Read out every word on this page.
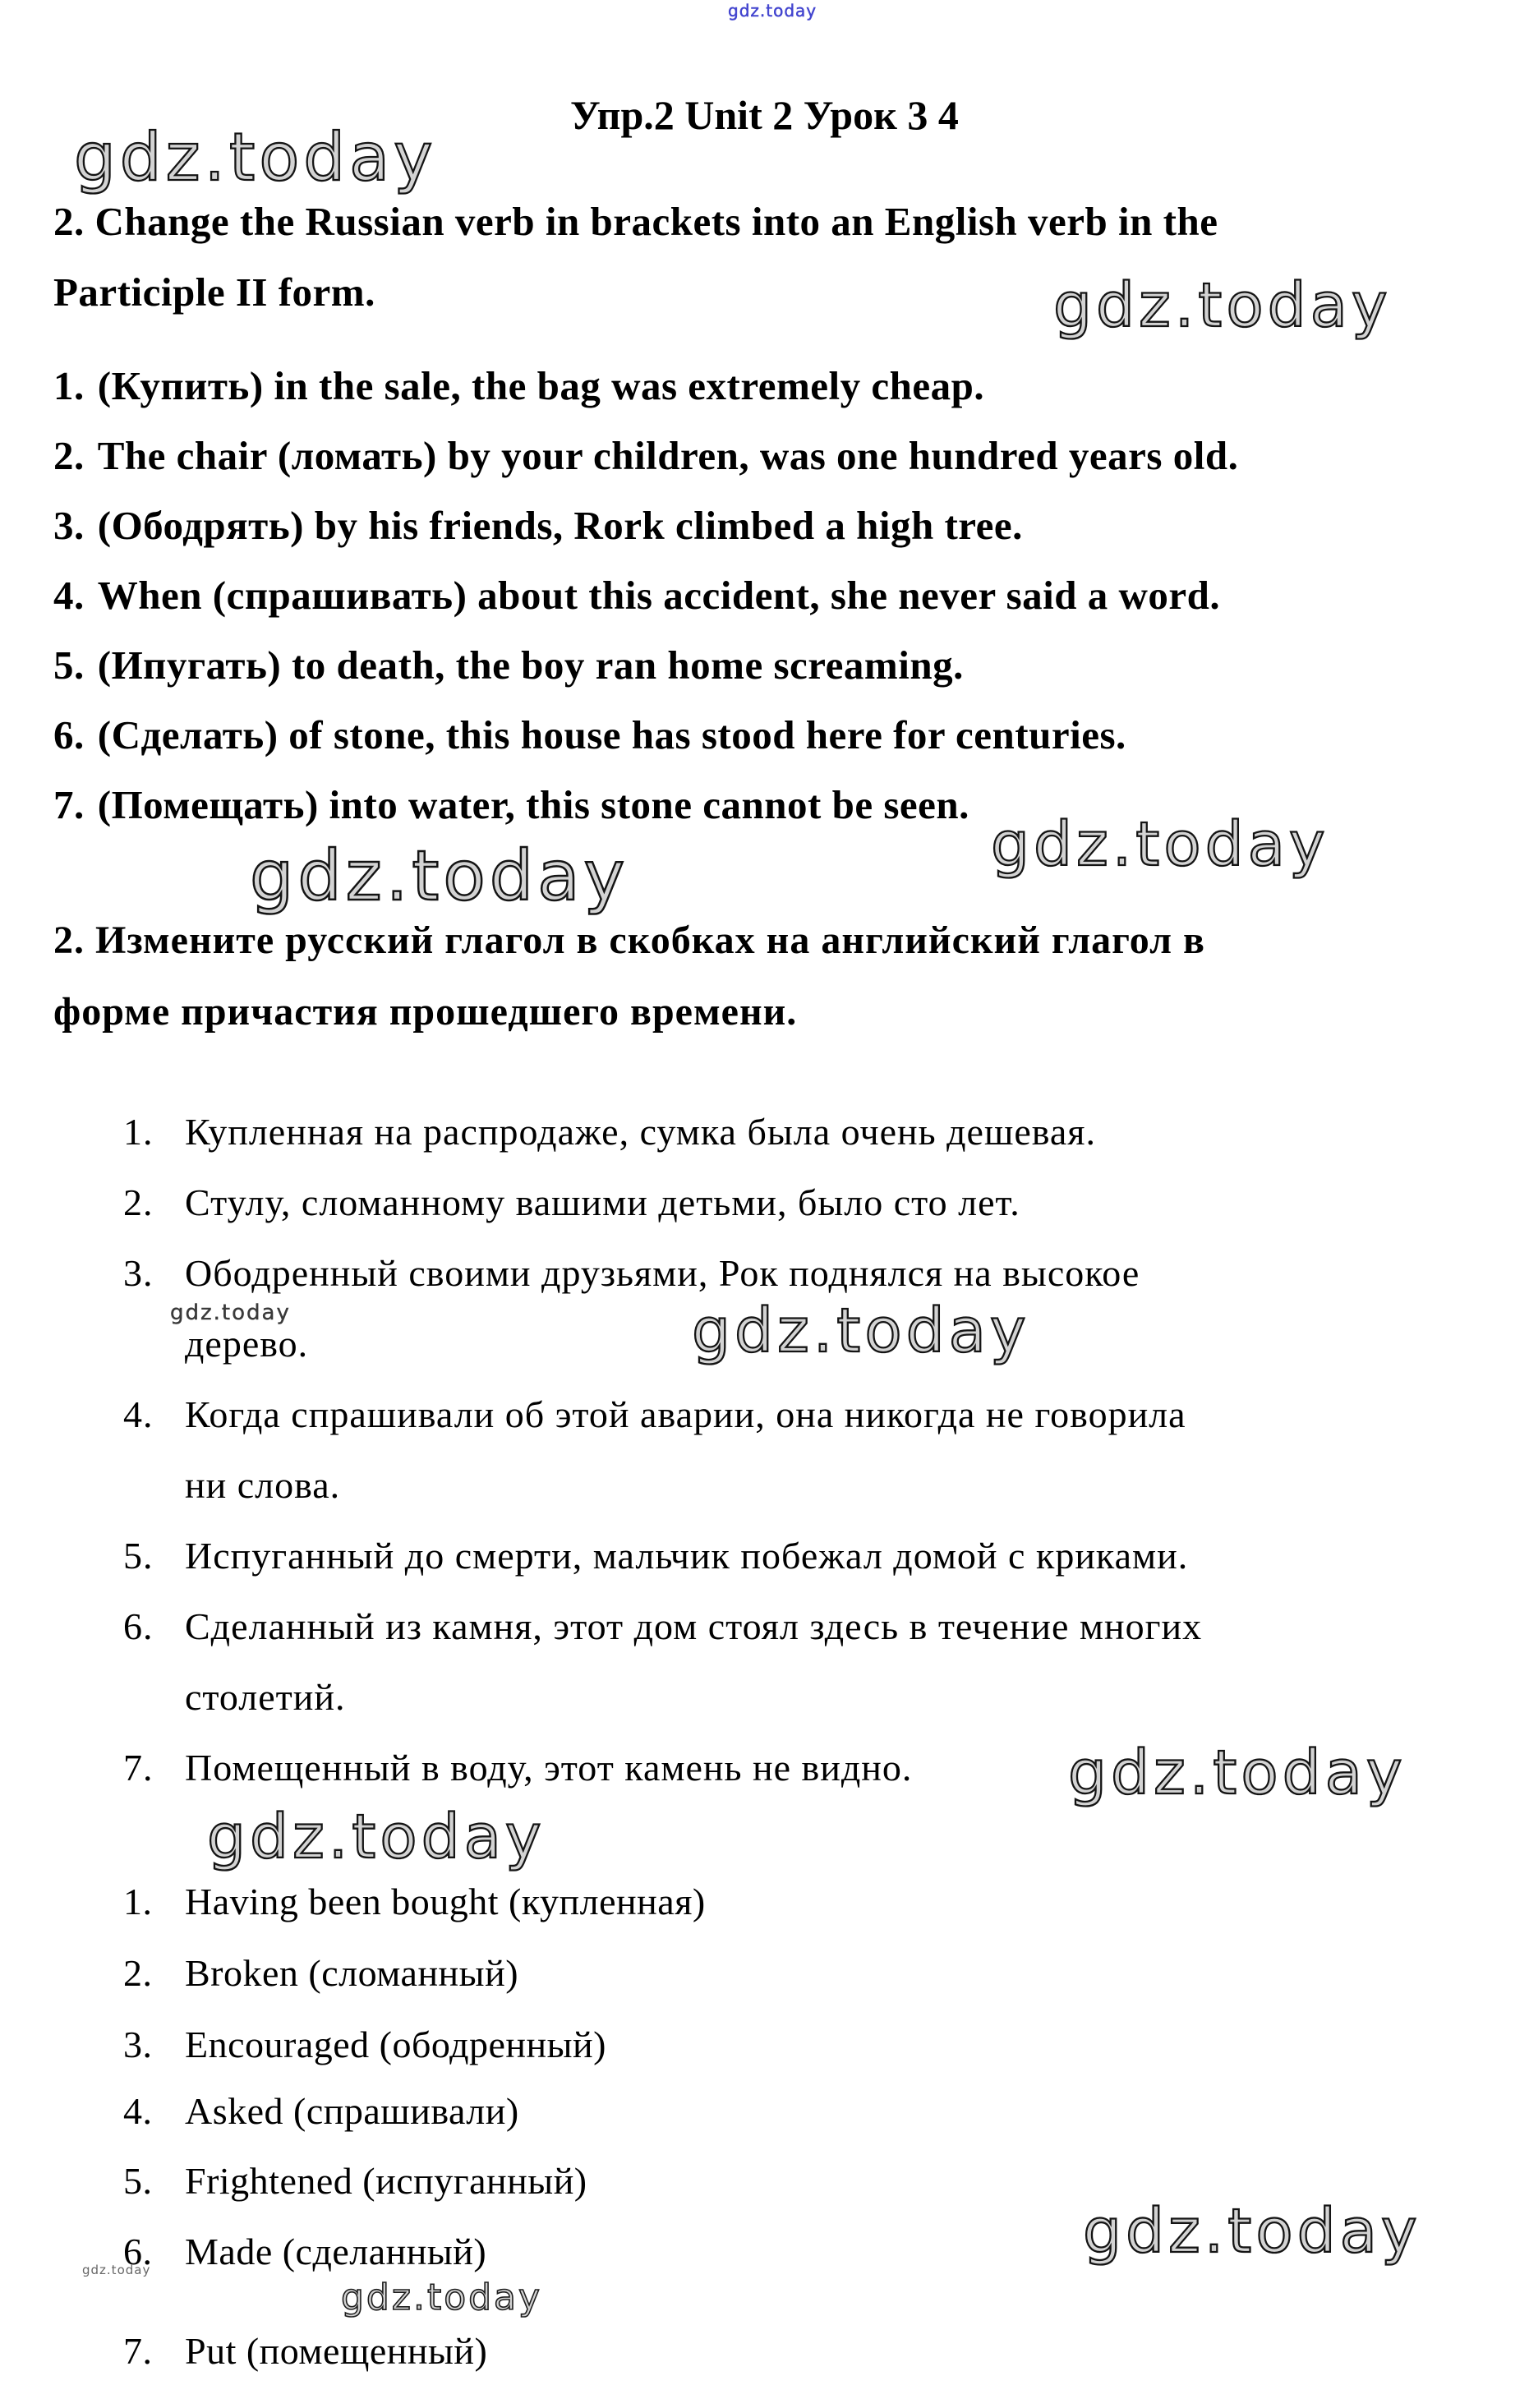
gdz.today
gdz.today
gdz.today
gdz.today
gdz.today
gdz.today	gdz.today
gdz.today
gdz.today
gdz.today
gdz.today
gdz.today
Упр.2 Unit 2 Урок 3 4
2. Change the Russian verb in brackets into an English verb in the
Participle II form.
1. (Купить) in the sale, the bag was extremely cheap.
2. The chair (ломать) by your children, was one hundred years old.
3. (Ободрять) by his friends, Rork climbed a high tree.
4. When (спрашивать) about this accident, she never said a word.
5. (Ипугать) to death, the boy ran home screaming.
6. (Сделать) of stone, this house has stood here for centuries.
7. (Помещать) into water, this stone cannot be seen.
2. Измените русский глагол в скобках на английский глагол в
форме причастия прошедшего времени.
1. Купленная на распродаже, сумка была очень дешевая.
2. Стулу, сломанному вашими детьми, было сто лет.
3. Ободренный своими друзьями, Рок поднялся на высокое
дерево.
4. Когда спрашивали об этой аварии, она никогда не говорила
ни слова.
5. Испуганный до смерти, мальчик побежал домой с криками.
6. Сделанный из камня, этот дом стоял здесь в течение многих
столетий.
7. Помещенный в воду, этот камень не видно.
1. Having been bought (купленная)
2. Broken (сломанный)
3. Encouraged (ободренный)
4. Asked (спрашивали)
5. Frightened (испуганный)
6. Made (сделанный)
7. Put (помещенный)
